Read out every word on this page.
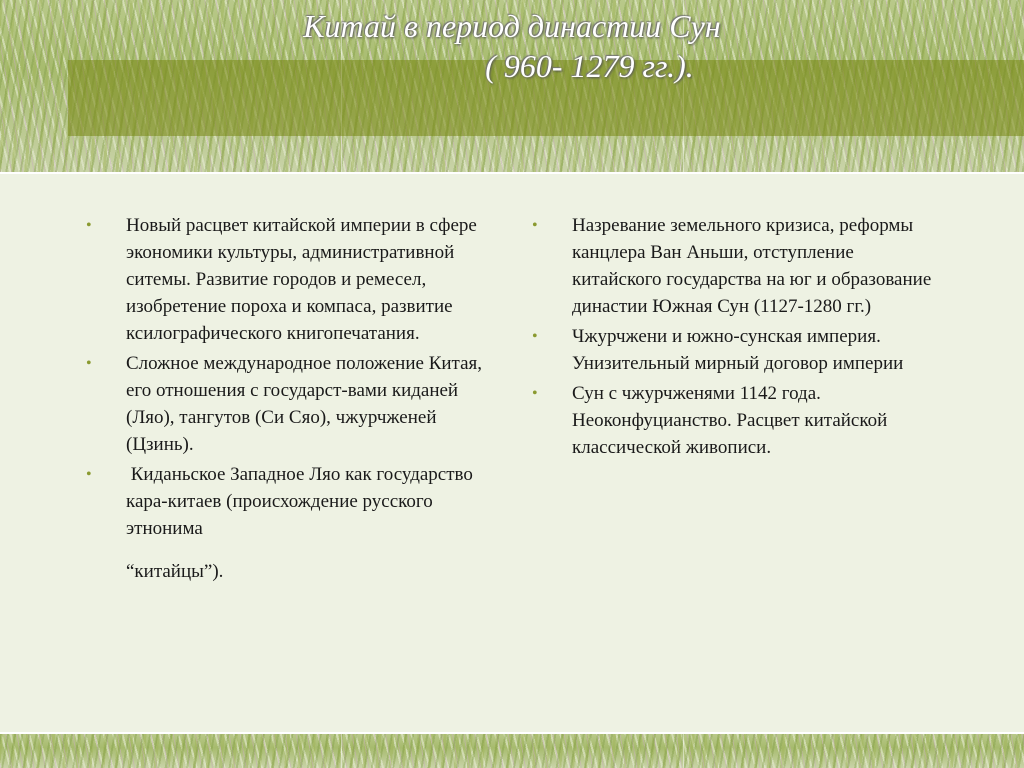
Китай в период династии Сун
( 960- 1279 гг.).
• Новый расцвет китайской империи в сфере экономики культуры, административной ситемы. Развитие городов и ремесел, изобретение пороха и компаса, развитие ксилографического книгопечатания.
• Сложное международное положение Китая, его отношения с государст-вами киданей (Ляо), тангутов (Си Сяо), чжурчженей (Цзинь).
• Киданьское Западное Ляо как государство кара-китаев (происхождение русского этнонима
“китайцы”).
• Назревание земельного кризиса, реформы канцлера Ван Аньши, отступление китайского государства на юг и образование династии Южная Сун (1127-1280 гг.)
• Чжурчжени и южно-сунская империя. Унизительный мирный договор империи
• Сун с чжурчженями 1142 года. Неоконфуцианство. Расцвет китайской классической живописи.
